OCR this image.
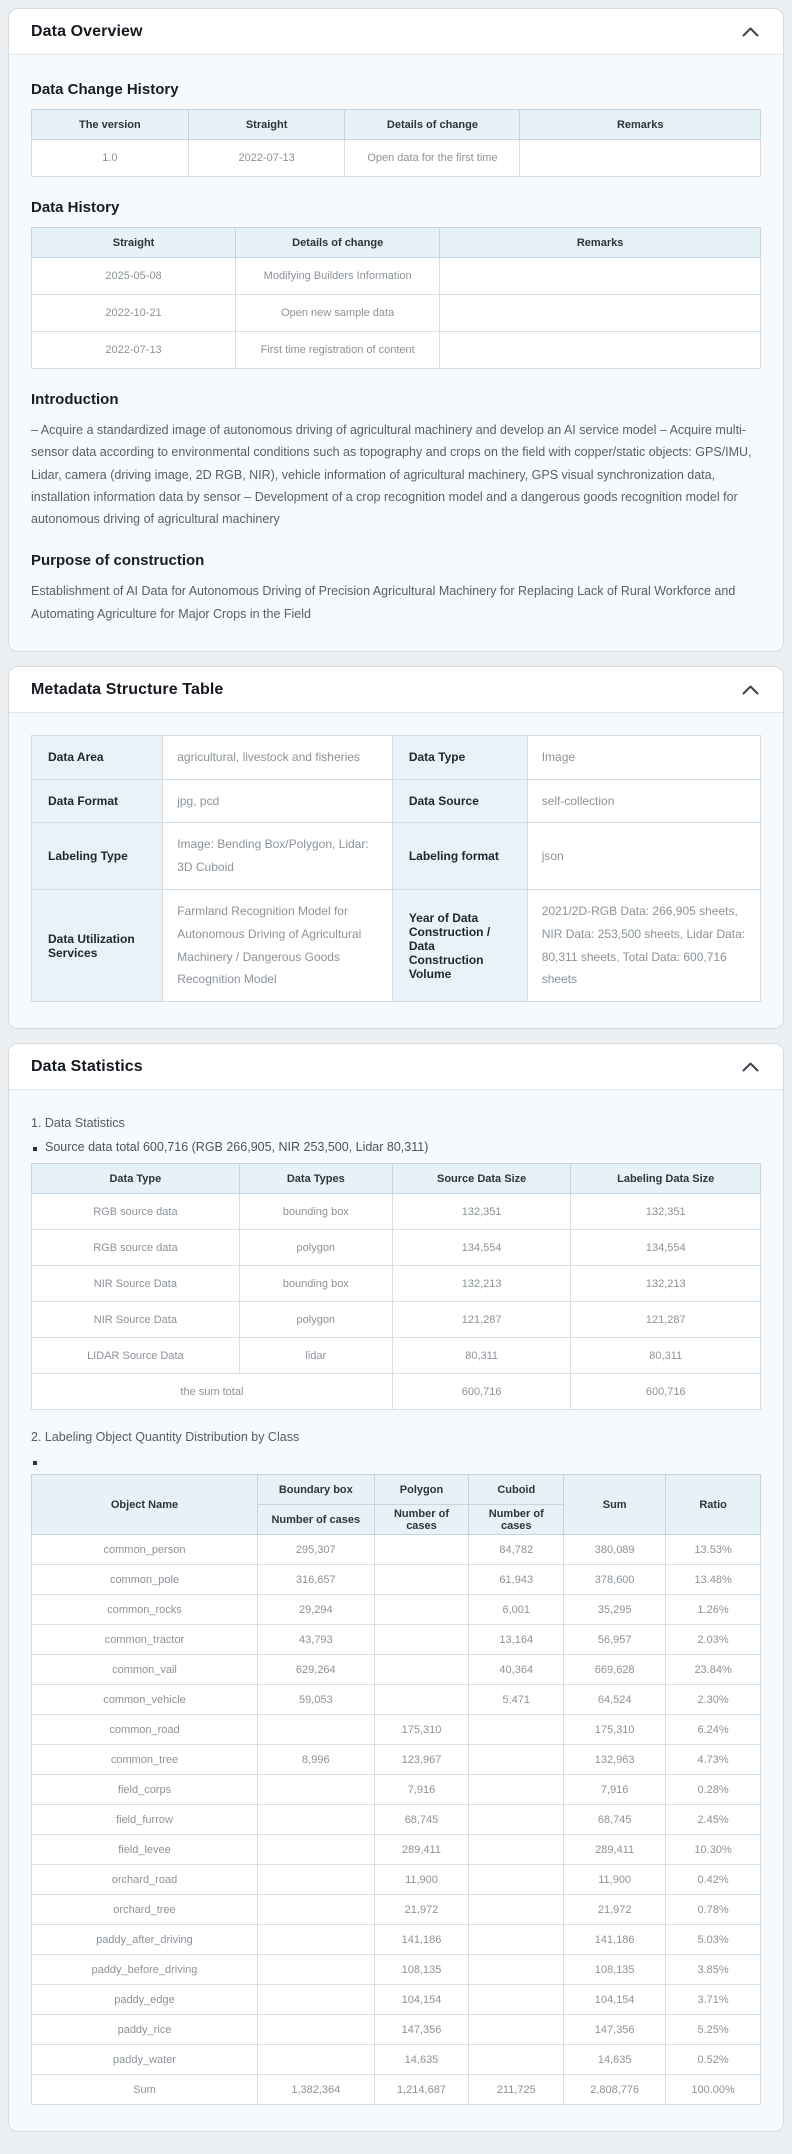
Data Overview
Data Change History
The version	Straight	Details of change	Remarks
1.0	2022-07-13	Open data for the first time	
Data History
Straight	Details of change	Remarks
2025-05-08	Modifying Builders Information	
2022-10-21	Open new sample data	
2022-07-13	First time registration of content	
Introduction

– Acquire a standardized image of autonomous driving of agricultural machinery and develop an AI service model – Acquire multi-sensor data according to environmental conditions such as topography and crops on the field with copper/static objects: GPS/IMU, Lidar, camera (driving image, 2D RGB, NIR), vehicle information of agricultural machinery, GPS visual synchronization data, installation information data by sensor – Development of a crop recognition model and a dangerous goods recognition model for autonomous driving of agricultural machinery

Purpose of construction

Establishment of AI Data for Autonomous Driving of Precision Agricultural Machinery for Replacing Lack of Rural Workforce and Automating Agriculture for Major Crops in the Field

Metadata Structure Table
Data Area	agricultural, livestock and fisheries	Data Type	Image
Data Format	jpg, pcd	Data Source	self-collection
Labeling Type	Image: Bending Box/Polygon, Lidar: 3D Cuboid	Labeling format	json
Data Utilization Services	Farmland Recognition Model for Autonomous Driving of Agricultural Machinery / Dangerous Goods Recognition Model	Year of Data Construction / Data Construction Volume	2021/2D-RGB Data: 266,905 sheets, NIR Data: 253,500 sheets, Lidar Data: 80,311 sheets, Total Data: 600,716 sheets
Data Statistics
1. Data Statistics
Source data total 600,716 (RGB 266,905, NIR 253,500, Lidar 80,311)
Data Type	Data Types	Source Data Size	Labeling Data Size
RGB source data	bounding box	132,351	132,351
RGB source data	polygon	134,554	134,554
NIR Source Data	bounding box	132,213	132,213
NIR Source Data	polygon	121,287	121,287
LIDAR Source Data	lidar	80,311	80,311
the sum total		600,716	600,716
2. Labeling Object Quantity Distribution by Class
Object Name	Boundary box	Polygon	Cuboid	Sum	Ratio
	Number of cases	Number of cases	Number of cases		
common_person	295,307		84,782	380,089	13.53%
common_pole	316,657		61,943	378,600	13.48%
common_rocks	29,294		6,001	35,295	1.26%
common_tractor	43,793		13,164	56,957	2.03%
common_vail	629,264		40,364	669,628	23.84%
common_vehicle	59,053		5,471	64,524	2.30%
common_road		175,310		175,310	6.24%
common_tree	8,996	123,967		132,963	4.73%
field_corps		7,916		7,916	0.28%
field_furrow		68,745		68,745	2.45%
field_levee		289,411		289,411	10.30%
orchard_road		11,900		11,900	0.42%
orchard_tree		21,972		21,972	0.78%
paddy_after_driving		141,186		141,186	5.03%
paddy_before_driving		108,135		108,135	3.85%
paddy_edge		104,154		104,154	3.71%
paddy_rice		147,356		147,356	5.25%
paddy_water		14,635		14,635	0.52%
Sum	1,382,364	1,214,687	211,725	2,808,776	100.00%
